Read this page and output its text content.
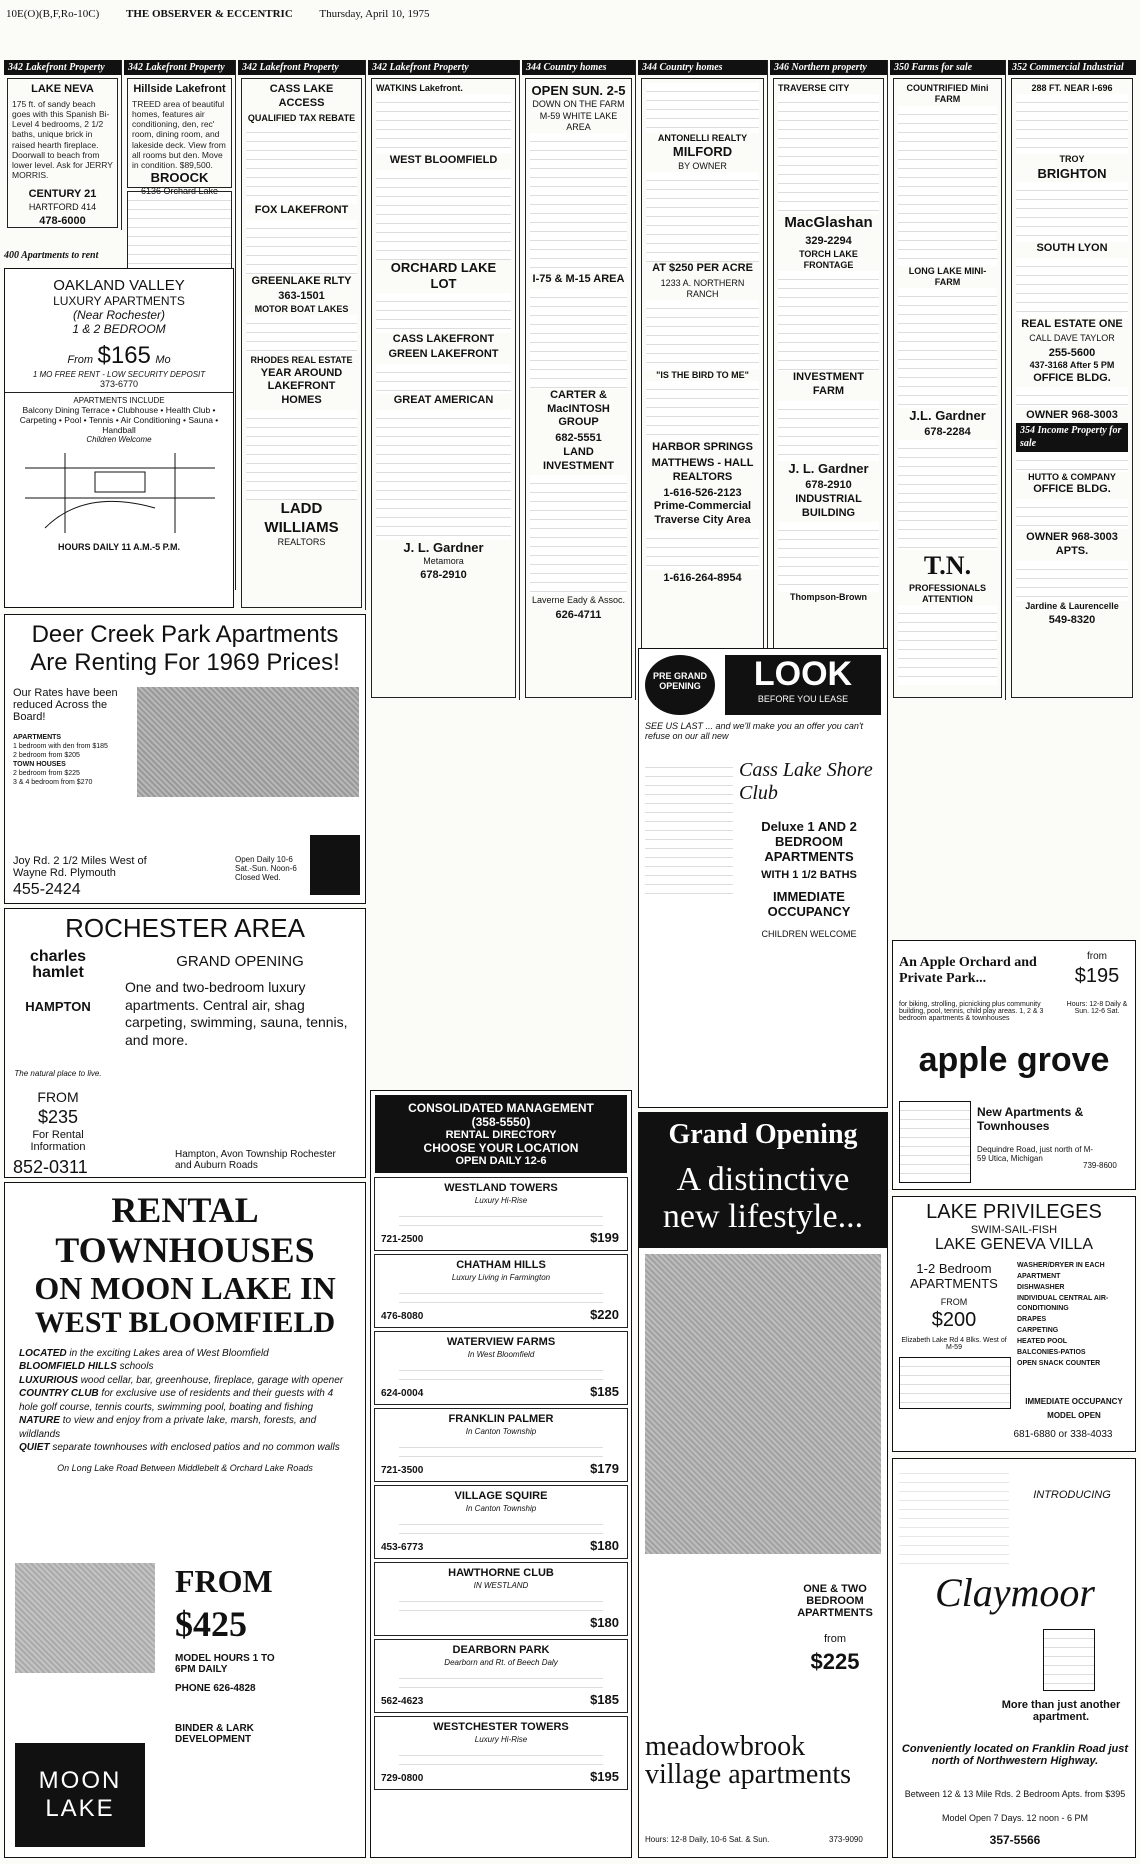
10E(O)(B,F,Ro-10C) THE OBSERVER & ECCENTRIC Thursday, April 10, 1975
342 Lakefront Property
LAKE NEVA
175 ft. of sandy beach goes with this Spanish Bi-Level 4 bedrooms, 2 1/2 baths, unique brick in raised hearth fireplace. Doorwall to beach from lower level. Ask for JERRY MORRIS.
CENTURY 21
HARTFORD 414
478-6000
342 Lakefront Property
Hillside Lakefront
TREED area of beautiful homes, features air conditioning, den, rec' room, dining room, and lakeside deck. View from all rooms but den. Move in condition. $89,500.
BROOCK
6136 Orchard Lake
342 Lakefront Property
CASS LAKE ACCESS
QUALIFIED TAX REBATE
FOX LAKEFRONT
GREENLAKE RLTY
363-1501
MOTOR BOAT LAKES
RHODES REAL ESTATE
YEAR AROUND LAKEFRONT HOMES
LADD WILLIAMS
REALTORS
342 Lakefront Property
WATKINS Lakefront.
WEST BLOOMFIELD
ORCHARD LAKE LOT
CASS LAKEFRONT
GREEN LAKEFRONT
GREAT AMERICAN
J. L. Gardner
Metamora
678-2910
344 Country homes
OPEN SUN. 2-5
DOWN ON THE FARM M-59 WHITE LAKE AREA
I-75 & M-15 AREA
CARTER & MacINTOSH GROUP
682-5551
LAND INVESTMENT
Laverne Eady & Assoc.
626-4711
344 Country homes
ANTONELLI REALTY
MILFORD
BY OWNER
AT $250 PER ACRE
1233 A. NORTHERN RANCH
"IS THE BIRD TO ME"
HARBOR SPRINGS
MATTHEWS - HALL REALTORS
1-616-526-2123
Prime-Commercial Traverse City Area
1-616-264-8954
346 Northern property
TRAVERSE CITY
MacGlashan
329-2294
TORCH LAKE FRONTAGE
INVESTMENT FARM
J. L. Gardner
678-2910
INDUSTRIAL BUILDING
Thompson-Brown
350 Farms for sale
COUNTRIFIED Mini FARM
LONG LAKE MINI-FARM
J.L. Gardner
678-2284
T.N.
PROFESSIONALS ATTENTION
352 Commercial Industrial
288 FT. NEAR I-696
TROY
BRIGHTON
SOUTH LYON
REAL ESTATE ONE
CALL DAVE TAYLOR
255-5600
437-3168 After 5 PM
OFFICE BLDG.
OWNER 968-3003
354 Income Property for sale
HUTTO & COMPANY
OFFICE BLDG.
OWNER 968-3003
APTS.
Jardine & Laurencelle
549-8320
400 Apartments to rent
OAKLAND VALLEY
LUXURY APARTMENTS
(Near Rochester)
1 & 2 BEDROOM
From $165 Mo
1 MO FREE RENT - LOW SECURITY DEPOSIT
373-6770
APARTMENTS INCLUDE
Balcony Dining Terrace • Clubhouse • Health Club • Carpeting • Pool • Tennis • Air Conditioning • Sauna • Handball
Children Welcome
HOURS DAILY 11 A.M.-5 P.M.
Deer Creek Park Apartments
Are Renting For 1969 Prices!
Our Rates have been reduced Across the Board!
APARTMENTS
1 bedroom with den from $185
2 bedroom from $205
TOWN HOUSES
2 bedroom from $225
3 & 4 bedroom from $270
Joy Rd. 2 1/2 Miles West of Wayne Rd. Plymouth
455-2424
Open Daily 10-6 Sat.-Sun. Noon-6 Closed Wed.
ROCHESTER AREA
charles hamlet
HAMPTON
The natural place to live.
GRAND OPENING
One and two-bedroom luxury apartments. Central air, shag carpeting, swimming, sauna, tennis, and more.
FROM
$235
For Rental Information
852-0311
Hampton, Avon Township Rochester and Auburn Roads
RENTAL
TOWNHOUSES
ON MOON LAKE IN
WEST BLOOMFIELD
LOCATED in the exciting Lakes area of West Bloomfield
BLOOMFIELD HILLS schools
LUXURIOUS wood cellar, bar, greenhouse, fireplace, garage with opener
COUNTRY CLUB for exclusive use of residents and their guests with 4 hole golf course, tennis courts, swimming pool, boating and fishing
NATURE to view and enjoy from a private lake, marsh, forests, and wildlands
QUIET separate townhouses with enclosed patios and no common walls
On Long Lake Road Between Middlebelt & Orchard Lake Roads
FROM
$425
MODEL HOURS 1 TO 6PM DAILY
PHONE 626-4828
BINDER & LARK DEVELOPMENT
MOON
LAKE
CONSOLIDATED MANAGEMENT
(358-5550)
RENTAL DIRECTORY
CHOOSE YOUR LOCATION
OPEN DAILY 12-6
WESTLAND TOWERS
Luxury Hi-Rise
721-2500	$199
CHATHAM HILLS
Luxury Living in Farmington
476-8080	$220
WATERVIEW FARMS
In West Bloomfield
624-0004	$185
FRANKLIN PALMER
In Canton Township
721-3500	$179
VILLAGE SQUIRE
In Canton Township
453-6773	$180
HAWTHORNE CLUB
IN WESTLAND
$180
DEARBORN PARK
Dearborn and Rt. of Beech Daly
562-4623	$185
WESTCHESTER TOWERS
Luxury Hi-Rise
729-0800	$195
PRE GRAND OPENING	LOOK
BEFORE YOU LEASE
SEE US LAST ... and we'll make you an offer you can't refuse on our all new
Cass Lake Shore Club
Deluxe 1 AND 2 BEDROOM APARTMENTS
WITH 1 1/2 BATHS
IMMEDIATE OCCUPANCY
CHILDREN WELCOME
Grand Opening
A distinctive new lifestyle...
ONE & TWO BEDROOM APARTMENTS
from
$225
meadowbrook village apartments
Hours: 12-8 Daily, 10-6 Sat. & Sun.	373-9090
An Apple Orchard and Private Park...
from
$195
for biking, strolling, picnicking plus community building, pool, tennis, child play areas. 1, 2 & 3 bedroom apartments & townhouses
Hours: 12-8 Daily & Sun. 12-6 Sat.
apple grove
New Apartments & Townhouses
Dequindre Road, just north of M-59 Utica, Michigan
739-8600
LAKE PRIVILEGES
SWIM-SAIL-FISH
LAKE GENEVA VILLA
1-2 Bedroom APARTMENTS
FROM
$200
Elizabeth Lake Rd 4 Blks. West of M-59
WASHER/DRYER IN EACH APARTMENT
DISHWASHER
INDIVIDUAL CENTRAL AIR-CONDITIONING
DRAPES
CARPETING
HEATED POOL
BALCONIES-PATIOS
OPEN SNACK COUNTER
IMMEDIATE OCCUPANCY
MODEL OPEN
681-6880 or 338-4033
INTRODUCING
Claymoor
More than just another apartment.
Conveniently located on Franklin Road just north of Northwestern Highway.
Between 12 & 13 Mile Rds. 2 Bedroom Apts. from $395
Model Open 7 Days. 12 noon - 6 PM
357-5566
